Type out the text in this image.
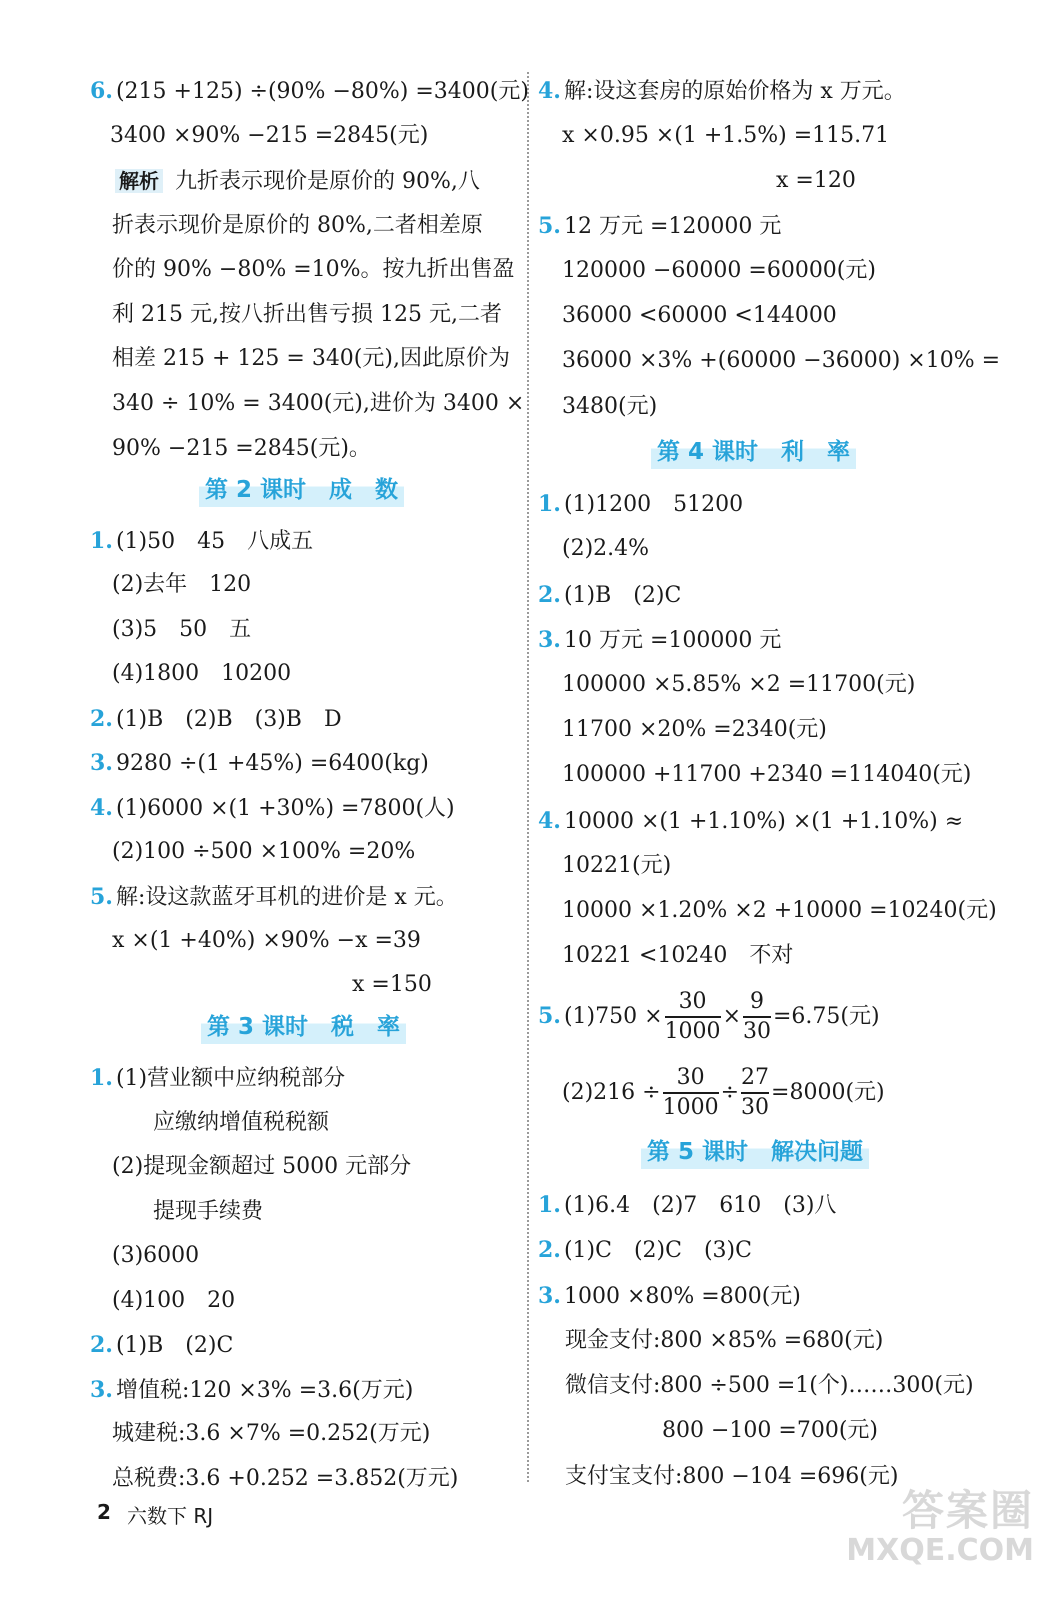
2 六数下 RJ	答案圈
MXQE.COM
6. (215 +125) ÷(90% −80%) =3400(元)
3400 ×90% −215 =2845(元)
解析 九折表示现价是原价的 90%,八
折表示现价是原价的 80%,二者相差原
价的 90% −80% =10%。按九折出售盈
利 215 元,按八折出售亏损 125 元,二者
相差 215 + 125 = 340(元),因此原价为
340 ÷ 10% = 3400(元),进价为 3400 ×
90% −215 =2845(元)。
1. (1)50　45　八成五
(2)去年　120
(3)5　50　五
(4)1800　10200
2. (1)B　(2)B　(3)B　D
3. 9280 ÷(1 +45%) =6400(kg)
4. (1)6000 ×(1 +30%) =7800(人)
(2)100 ÷500 ×100% =20%
5. 解:设这款蓝牙耳机的进价是 x 元。
x ×(1 +40%) ×90% −x =39
x =150
1. (1)营业额中应纳税部分
应缴纳增值税税额
(2)提现金额超过 5000 元部分
提现手续费
(3)6000
(4)100　20
2. (1)B　(2)C
3. 增值税:120 ×3% =3.6(万元)
城建税:3.6 ×7% =0.252(万元)
总税费:3.6 +0.252 =3.852(万元)
4. 解:设这套房的原始价格为 x 万元。
x ×0.95 ×(1 +1.5%) =115.71
x =120
5. 12 万元 =120000 元
120000 −60000 =60000(元)
36000 <60000 <144000
36000 ×3% +(60000 −36000) ×10% =
3480(元)
1. (1)1200　51200
(2)2.4%
2. (1)B　(2)C
3. 10 万元 =100000 元
100000 ×5.85% ×2 =11700(元)
11700 ×20% =2340(元)
100000 +11700 +2340 =114040(元)
4. 10000 ×(1 +1.10%) ×(1 +1.10%) ≈
10221(元)
10000 ×1.20% ×2 +10000 =10240(元)
10221 <10240　不对
1. (1)6.4　(2)7　610　(3)八
2. (1)C　(2)C　(3)C
3. 1000 ×80% =800(元)
现金支付:800 ×85% =680(元)
微信支付:800 ÷500 =1(个)……300(元)
800 −100 =700(元)
支付宝支付:800 −104 =696(元)
第 2 课时　成　数
第 3 课时　税　率
第 4 课时　利　率
第 5 课时　解决问题
5. $(1)750 \times \frac{30}{1000} \times \frac{9}{30} =6.75$(元)
$(2)216 \div \frac{30}{1000} \div \frac{27}{30} =8000$(元)
